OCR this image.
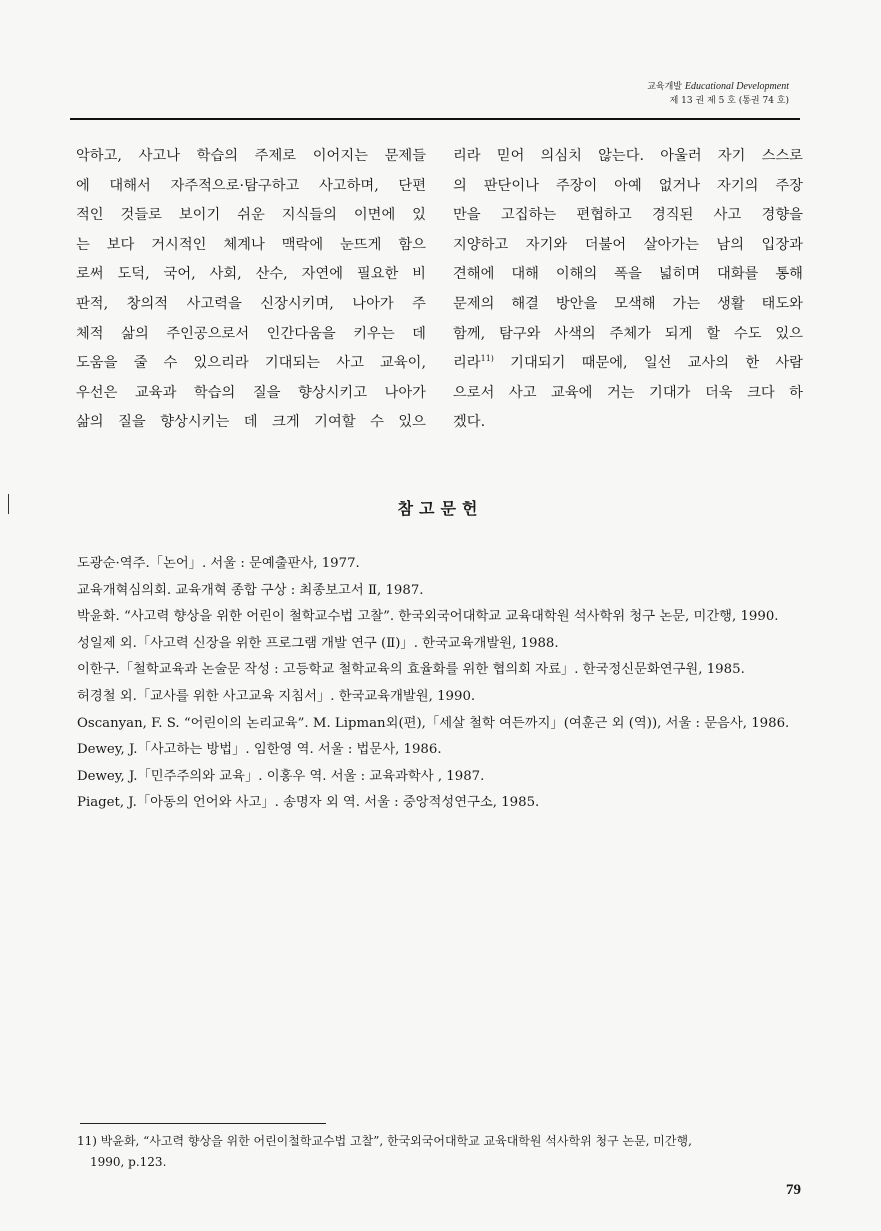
교육개발 Educational Development
제 13 권 제 5 호 (통권 74 호)
악하고, 사고나 학습의 주제로 이어지는 문제들
에 대해서 자주적으로·탐구하고 사고하며, 단편
적인 것들로 보이기 쉬운 지식들의 이면에 있
는 보다 거시적인 체계나 맥락에 눈뜨게 함으
로써 도덕, 국어, 사회, 산수, 자연에 필요한 비
판적, 창의적 사고력을 신장시키며, 나아가 주
체적 삶의 주인공으로서 인간다움을 키우는 데
도움을 줄 수 있으리라 기대되는 사고 교육이,
우선은 교육과 학습의 질을 향상시키고 나아가
삶의 질을 향상시키는 데 크게 기여할 수 있으
리라 믿어 의심치 않는다. 아울러 자기 스스로
의 판단이나 주장이 아예 없거나 자기의 주장
만을 고집하는 편협하고 경직된 사고 경향을
지양하고 자기와 더불어 살아가는 남의 입장과
견해에 대해 이해의 폭을 넓히며 대화를 통해
문제의 해결 방안을 모색해 가는 생활 태도와
함께, 탐구와 사색의 주체가 되게 할 수도 있으
리라$^{11)}$ 기대되기 때문에, 일선 교사의 한 사람
으로서 사고 교육에 거는 기대가 더욱 크다 하
겠다.
참고문헌
도광순·역주.「논어」. 서울 : 문예출판사, 1977.
교육개혁심의회. 교육개혁 종합 구상 : 최종보고서 Ⅱ, 1987.
박윤화. “사고력 향상을 위한 어린이 철학교수법 고찰”. 한국외국어대학교 교육대학원 석사학위 청구 논문, 미간행, 1990.
성일제 외.「사고력 신장을 위한 프로그램 개발 연구 (Ⅱ)」. 한국교육개발원, 1988.
이한구.「철학교육과 논술문 작성 : 고등학교 철학교육의 효율화를 위한 협의회 자료」. 한국정신문화연구원, 1985.
허경철 외.「교사를 위한 사고교육 지침서」. 한국교육개발원, 1990.
Oscanyan, F. S. “어린이의 논리교육”. M. Lipman외(편),「세살 철학 여든까지」(여훈근 외 (역)), 서울 : 문음사, 1986.
Dewey, J.「사고하는 방법」. 임한영 역. 서울 : 법문사, 1986.
Dewey, J.「민주주의와 교육」. 이홍우 역. 서울 : 교육과학사 , 1987.
Piaget, J.「아동의 언어와 사고」. 송명자 외 역. 서울 : 중앙적성연구소, 1985.
11) 박윤화, “사고력 향상을 위한 어린이철학교수법 고찰”, 한국외국어대학교 교육대학원 석사학위 청구 논문, 미간행,
1990, p.123.
79
